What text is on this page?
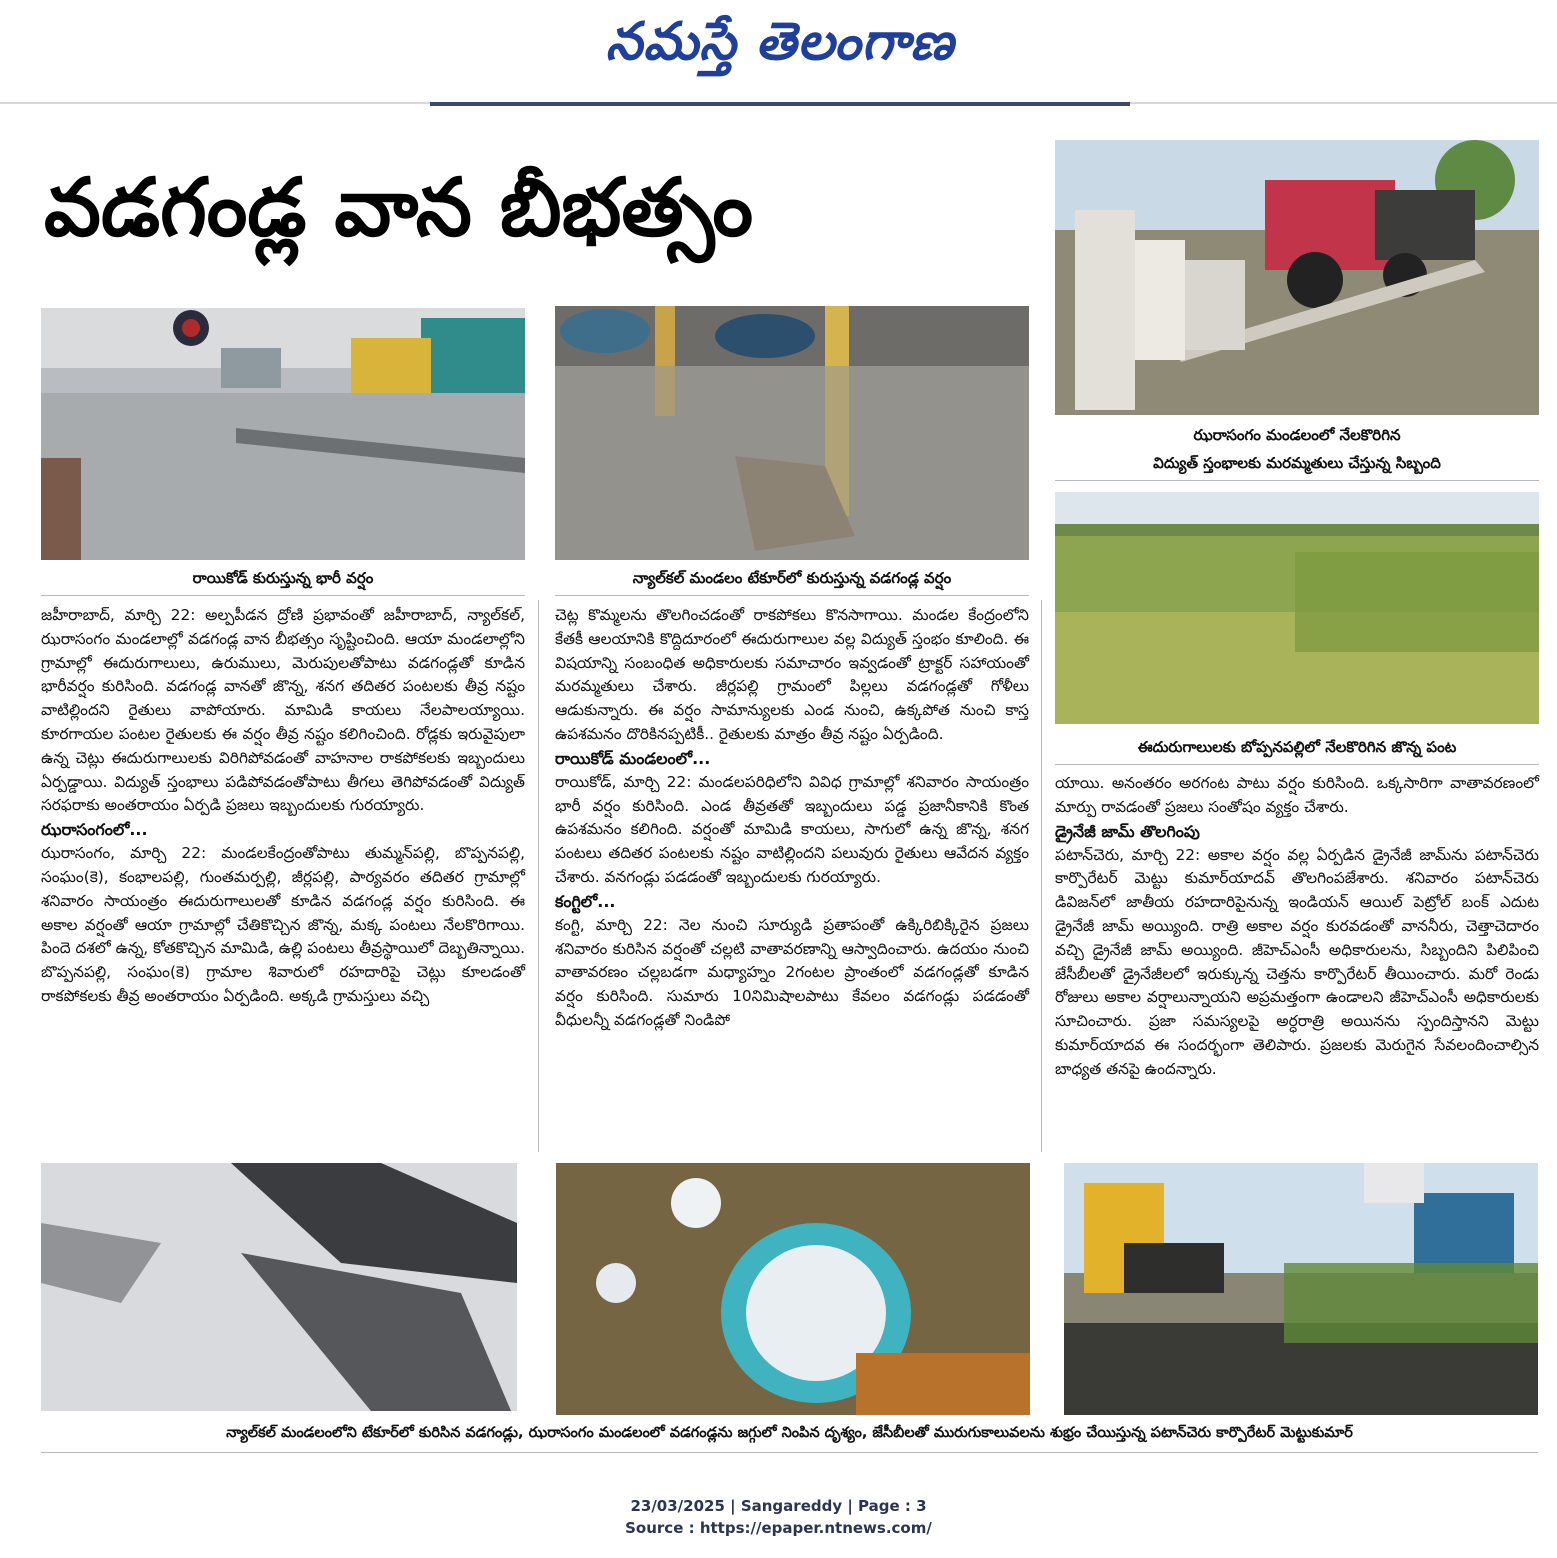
నమస్తే తెలంగాణ
వడగండ్ల వాన బీభత్సం
రాయికోడ్ కురుస్తున్న భారీ వర్షం	న్యాల్‌కల్ మండలం టేకూర్‌లో కురుస్తున్న వడగండ్ల వర్షం
ఝరాసంగం మండలంలో నేలకొరిగిన
విద్యుత్ స్తంభాలకు మరమ్మతులు చేస్తున్న సిబ్బంది
ఈదురుగాలులకు బోప్పనపల్లిలో నేలకొరిగిన జొన్న పంట

జహీరాబాద్, మార్చి 22: అల్పపీడన ద్రోణి ప్రభావంతో జహీరాబాద్, న్యాల్‌కల్, ఝరాసంగం మండలాల్లో వడగండ్ల వాన బీభత్సం సృష్టించింది. ఆయా మండలాల్లోని గ్రామాల్లో ఈదురుగాలులు, ఉరుములు, మెరుపులతోపాటు వడగండ్లతో కూడిన భారీవర్షం కురిసింది. వడగండ్ల వానతో జొన్న, శనగ తదితర పంటలకు తీవ్ర నష్టం వాటిల్లిందని రైతులు వాపోయారు. మామిడి కాయలు నేలపాలయ్యాయి. కూరగాయల పంటల రైతులకు ఈ వర్షం తీవ్ర నష్టం కలిగించింది. రోడ్లకు ఇరువైపులా ఉన్న చెట్లు ఈదురుగాలులకు విరిగిపోవడంతో వాహనాల రాకపోకలకు ఇబ్బందులు ఏర్పడ్డాయి. విద్యుత్ స్తంభాలు పడిపోవడంతోపాటు తీగలు తెగిపోవడంతో విద్యుత్ సరఫరాకు అంతరాయం ఏర్పడి ప్రజలు ఇబ్బందులకు గురయ్యారు.

ఝరాసంగంలో...

ఝరాసంగం, మార్చి 22: మండలకేంద్రంతోపాటు తుమ్మన్‌పల్లి, బొప్పనపల్లి, సంఘం(కె), కంభాలపల్లి, గుంతమర్పల్లి, జీర్లపల్లి, పార్యవరం తదితర గ్రామాల్లో శనివారం సాయంత్రం ఈదురుగాలులతో కూడిన వడగండ్ల వర్షం కురిసింది. ఈ అకాల వర్షంతో ఆయా గ్రామాల్లో చేతికొచ్చిన జొన్న, మక్క పంటలు నేలకొరిగాయి. పిందె దశలో ఉన్న, కోతకొచ్చిన మామిడి, ఉల్లి పంటలు తీవ్రస్థాయిలో దెబ్బతిన్నాయి. బొప్పనపల్లి, సంఘం(కె) గ్రామాల శివారులో రహదారిపై చెట్లు కూలడంతో రాకపోకలకు తీవ్ర అంతరాయం ఏర్పడింది. అక్కడి గ్రామస్తులు వచ్చి

చెట్ల కొమ్మలను తొలగించడంతో రాకపోకలు కొనసాగాయి. మండల కేంద్రంలోని కేతకీ ఆలయానికి కొద్దిదూరంలో ఈదురుగాలుల వల్ల విద్యుత్ స్తంభం కూలింది. ఈ విషయాన్ని సంబంధిత అధికారులకు సమాచారం ఇవ్వడంతో ట్రాక్టర్ సహాయంతో మరమ్మతులు చేశారు. జీర్లపల్లి గ్రామంలో పిల్లలు వడగండ్లతో గోళీలు ఆడుకున్నారు. ఈ వర్షం సామాన్యులకు ఎండ నుంచి, ఉక్కపోత నుంచి కాస్త ఉపశమనం దొరికినప్పటికీ.. రైతులకు మాత్రం తీవ్ర నష్టం ఏర్పడింది.

రాయికోడ్ మండలంలో...

రాయికోడ్, మార్చి 22: మండలపరిధిలోని వివిధ గ్రామాల్లో శనివారం సాయంత్రం భారీ వర్షం కురిసింది. ఎండ తీవ్రతతో ఇబ్బందులు పడ్డ ప్రజానీకానికి కొంత ఉపశమనం కలిగింది. వర్షంతో మామిడి కాయలు, సాగులో ఉన్న జొన్న, శనగ పంటలు తదితర పంటలకు నష్టం వాటిల్లిందని పలువురు రైతులు ఆవేదన వ్యక్తం చేశారు. వనగండ్లు పడడంతో ఇబ్బందులకు గురయ్యారు.

కంగ్టిలో...

కంగ్టి, మార్చి 22: నెల నుంచి సూర్యుడి ప్రతాపంతో ఉక్కిరిబిక్కిరైన ప్రజలు శనివారం కురిసిన వర్షంతో చల్లటి వాతావరణాన్ని ఆస్వాదించారు. ఉదయం నుంచి వాతావరణం చల్లబడగా మధ్యాహ్నం 2గంటల ప్రాంతంలో వడగండ్లతో కూడిన వర్షం కురిసింది. సుమారు 10నిమిషాలపాటు కేవలం వడగండ్లు పడడంతో వీధులన్నీ వడగండ్లతో నిండిపో

యాయి. అనంతరం అరగంట పాటు వర్షం కురిసింది. ఒక్కసారిగా వాతావరణంలో మార్పు రావడంతో ప్రజలు సంతోషం వ్యక్తం చేశారు.

డ్రైనేజీ జామ్ తొలగింపు

పటాన్‌చెరు, మార్చి 22: అకాల వర్షం వల్ల ఏర్పడిన డ్రైనేజీ జామ్‌ను పటాన్‌చెరు కార్పొరేటర్ మెట్టు కుమార్‌యాదవ్ తొలగింపజేశారు. శనివారం పటాన్‌చెరు డివిజన్‌లో జాతీయ రహదారిపైనున్న ఇండియన్ ఆయిల్ పెట్రోల్ బంక్ ఎదుట డ్రైనేజీ జామ్ అయ్యింది. రాత్రి అకాల వర్షం కురవడంతో వాననీరు, చెత్తాచెదారం వచ్చి డ్రైనేజీ జామ్ అయ్యింది. జీహెచ్‌ఎంసీ అధికారులను, సిబ్బందిని పిలిపించి జేసీబీలతో డ్రైనేజీలలో ఇరుక్కున్న చెత్తను కార్పొరేటర్ తీయించారు. మరో రెండు రోజులు అకాల వర్షాలున్నాయని అప్రమత్తంగా ఉండాలని జీహెచ్‌ఎంసీ అధికారులకు సూచించారు. ప్రజా సమస్యలపై అర్ధరాత్రి అయినను స్పందిస్తానని మెట్టు కుమార్‌యాదవ ఈ సందర్భంగా తెలిపారు. ప్రజలకు మెరుగైన సేవలందించాల్సిన బాధ్యత తనపై ఉందన్నారు.

న్యాల్‌కల్ మండలంలోని టేకూర్‌లో కురిసిన వడగండ్లు, ఝరాసంగం మండలంలో వడగండ్లను జగ్గులో నింపిన దృశ్యం, జేసీబీలతో మురుగుకాలువలను శుభ్రం చేయిస్తున్న పటాన్‌చెరు కార్పొరేటర్ మెట్టుకుమార్
23/03/2025 | Sangareddy | Page : 3
Source : https://epaper.ntnews.com/
